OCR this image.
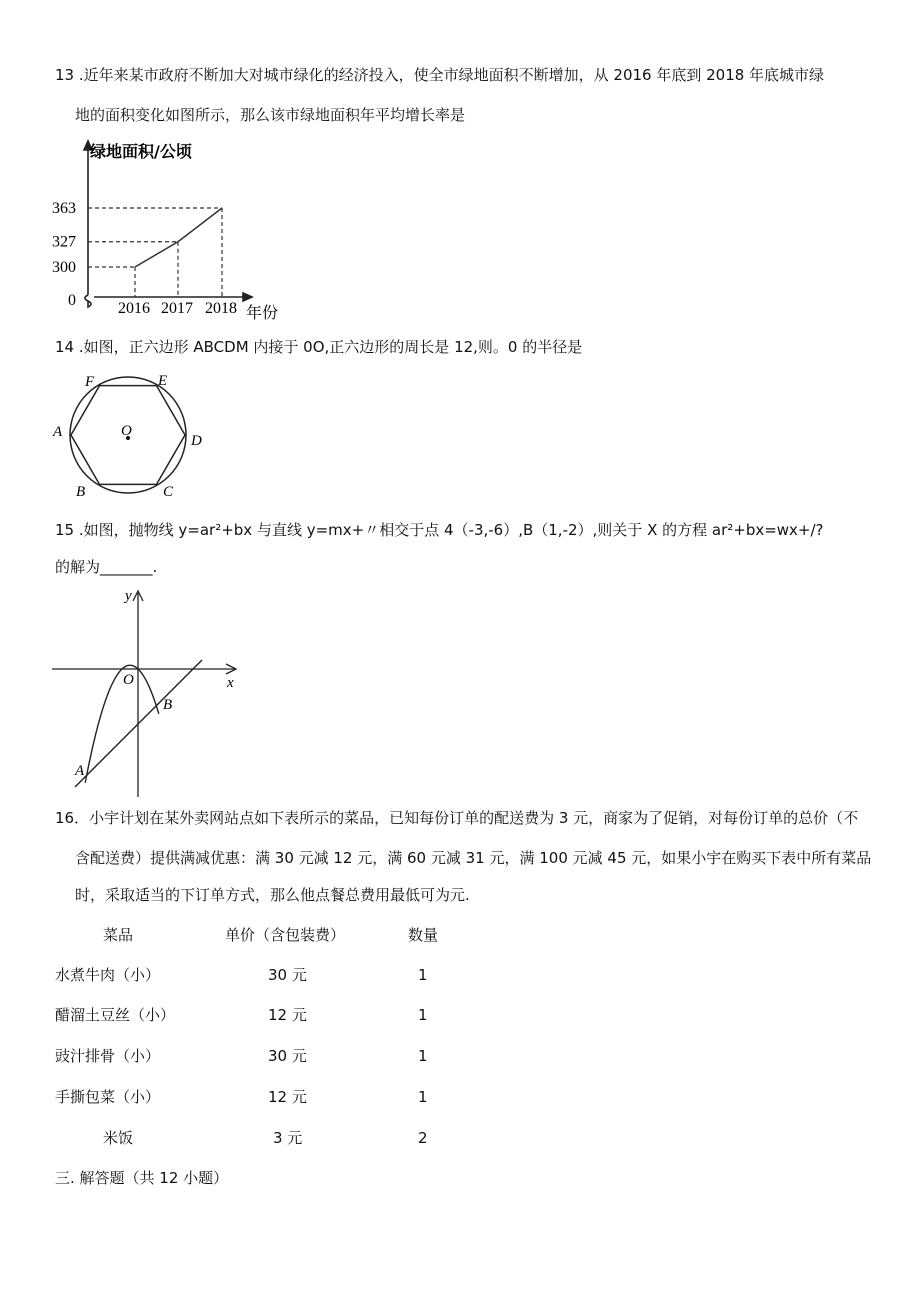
13 .近年来某市政府不断加大对城市绿化的经济投入，使全市绿地面积不断增加，从 2016 年底到 2018 年底城市绿
地的面积变化如图所示，那么该市绿地面积年平均增长率是
2016 2017 2018
363
327
300
绿地面积/公顷
年份
0
14 .如图，正六边形 ABCDM 内接于 0O,正六边形的周长是 12,则。0 的半径是
O
A
F	E
D
B	C
15 .如图，抛物线 y=ar²+bx 与直线 y=mx+〃相交于点 4（-3,-6）,B（1,-2）,则关于 X 的方程 ar²+bx=wx+/?
的解为_______.
y
x
O
B
A
16．小宇计划在某外卖网站点如下表所示的菜品，已知每份订单的配送费为 3 元，商家为了促销，对每份订单的总价（不
含配送费）提供满减优惠：满 30 元减 12 元，满 60 元减 31 元，满 100 元减 45 元，如果小宇在购买下表中所有菜品
时，采取适当的下订单方式，那么他点餐总费用最低可为元.
菜品	单价（含包装费）	数量
水煮牛肉（小）	30 元	1
醋溜土豆丝（小）	12 元	1
豉汁排骨（小）	30 元	1
手撕包菜（小）	12 元	1
米饭	3 元	2
三. 解答题（共 12 小题）
